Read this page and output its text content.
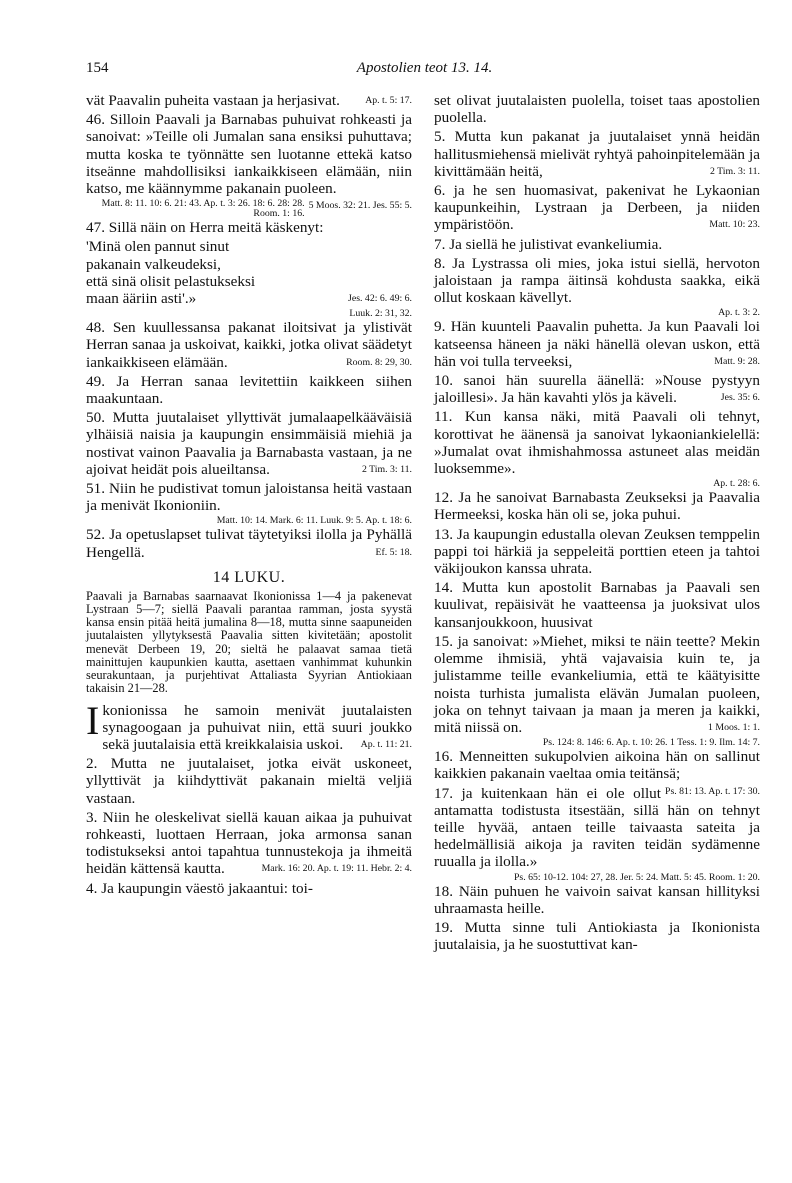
154	Apostolien teot 13. 14.

Ap. t. 5: 17.
vät Paavalin puheita vastaan ja herjasivat.

46. Silloin Paavali ja Barnabas puhuivat rohkeasti ja sanoivat: »Teille oli Jumalan sana ensiksi puhuttava; mutta koska te työnnätte sen luotanne ettekä katso itseänne mahdollisiksi iankaikkiseen elämään, niin katso, me käännymme pakanain puoleen.
5 Moos. 32: 21. Jes. 55: 5.

Matt. 8: 11. 10: 6. 21: 43. Ap. t. 3: 26. 18: 6. 28: 28.
Room. 1: 16.

47. Sillä näin on Herra meitä käskenyt:

'Minä olen pannut sinut
pakanain valkeudeksi,
että sinä olisit pelastukseksi
maan ääriin asti'.»	Jes. 42: 6. 49: 6.
Luuk. 2: 31, 32.

48. Sen kuullessansa pakanat iloitsivat ja ylistivät Herran sanaa ja uskoivat, kaikki, jotka olivat säädetyt iankaikkiseen elämään.	Room. 8: 29, 30.

49. Ja Herran sanaa levitettiin kaikkeen siihen maakuntaan.

50. Mutta juutalaiset yllyttivät jumalaapelkääväisiä ylhäisiä naisia ja kaupungin ensimmäisiä miehiä ja nostivat vainon Paavalia ja Barnabasta vastaan, ja ne ajoivat heidät pois alueiltansa.	2 Tim. 3: 11.

51. Niin he pudistivat tomun jaloistansa heitä vastaan ja menivät Ikonioniin.

Matt. 10: 14. Mark. 6: 11. Luuk. 9: 5. Ap. t. 18: 6.

52. Ja opetuslapset tulivat täytetyiksi ilolla ja Pyhällä Hengellä.	Ef. 5: 18.

14 LUKU.

Paavali ja Barnabas saarnaavat Ikonionissa 1—4 ja pakenevat Lystraan 5—7; siellä Paavali parantaa ramman, josta syystä kansa ensin pitää heitä jumalina 8—18, mutta sinne saapuneiden juutalaisten yllytyksestä Paavalia sitten kivitetään; apostolit menevät Derbeen 19, 20; sieltä he palaavat samaa tietä mainittujen kaupunkien kautta, asettaen vanhimmat kuhunkin seurakuntaan, ja purjehtivat Attaliasta Syyrian Antiokiaan takaisin 21—28.

Ikonionissa he samoin menivät juutalaisten synagoogaan ja puhuivat niin, että suuri joukko sekä juutalaisia että kreikkalaisia uskoi. Ap. t. 11: 21.

2. Mutta ne juutalaiset, jotka eivät uskoneet, yllyttivät ja kiihdyttivät pakanain mieltä veljiä vastaan.

3. Niin he oleskelivat siellä kauan aikaa ja puhuivat rohkeasti, luottaen Herraan, joka armonsa sanan todistukseksi antoi tapahtua tunnustekoja ja ihmeitä heidän kättensä kautta.	Mark. 16: 20. Ap. t. 19: 11. Hebr. 2: 4.

4. Ja kaupungin väestö jakaantui: toi-

set olivat juutalaisten puolella, toiset taas apostolien puolella.

5. Mutta kun pakanat ja juutalaiset ynnä heidän hallitusmiehensä mielivät ryhtyä pahoinpitelemään ja kivittämään heitä,	2 Tim. 3: 11.

6. ja he sen huomasivat, pakenivat he Lykaonian kaupunkeihin, Lystraan ja Derbeen, ja niiden ympäristöön.	Matt. 10: 23.

7. Ja siellä he julistivat evankeliumia.

8. Ja Lystrassa oli mies, joka istui siellä, hervoton jaloistaan ja rampa äitinsä kohdusta saakka, eikä ollut koskaan kävellyt.

Ap. t. 3: 2.

9. Hän kuunteli Paavalin puhetta. Ja kun Paavali loi katseensa häneen ja näki hänellä olevan uskon, että hän voi tulla terveeksi,	Matt. 9: 28.

10. sanoi hän suurella äänellä: »Nouse pystyyn jaloillesi». Ja hän kavahti ylös ja käveli.	Jes. 35: 6.

11. Kun kansa näki, mitä Paavali oli tehnyt, korottivat he äänensä ja sanoivat lykaoniankielellä: »Jumalat ovat ihmishahmossa astuneet alas meidän luoksemme».

Ap. t. 28: 6.

12. Ja he sanoivat Barnabasta Zeukseksi ja Paavalia Hermeeksi, koska hän oli se, joka puhui.

13. Ja kaupungin edustalla olevan Zeuksen temppelin pappi toi härkiä ja seppeleitä porttien eteen ja tahtoi väkijoukon kanssa uhrata.

14. Mutta kun apostolit Barnabas ja Paavali sen kuulivat, repäisivät he vaatteensa ja juoksivat ulos kansanjoukkoon, huusivat

15. ja sanoivat: »Miehet, miksi te näin teette? Mekin olemme ihmisiä, yhtä vajavaisia kuin te, ja julistamme teille evankeliumia, että te käätyisitte noista turhista jumalista elävän Jumalan puoleen, joka on tehnyt taivaan ja maan ja meren ja kaikki, mitä niissä on.	1 Moos. 1: 1.

Ps. 124: 8. 146: 6. Ap. t. 10: 26. 1 Tess. 1: 9. Ilm. 14: 7.

16. Menneitten sukupolvien aikoina hän on sallinut kaikkien pakanain vaeltaa omia teitänsä;
Ps. 81: 13. Ap. t. 17: 30.

17. ja kuitenkaan hän ei ole ollut antamatta todistusta itsestään, sillä hän on tehnyt teille hyvää, antaen teille taivaasta sateita ja hedelmällisiä aikoja ja raviten teidän sydämenne ruualla ja ilolla.»

Ps. 65: 10-12. 104: 27, 28. Jer. 5: 24. Matt. 5: 45. Room. 1: 20.

18. Näin puhuen he vaivoin saivat kansan hillityksi uhraamasta heille.

19. Mutta sinne tuli Antiokiasta ja Ikonionista juutalaisia, ja he suostuttivat kan-
